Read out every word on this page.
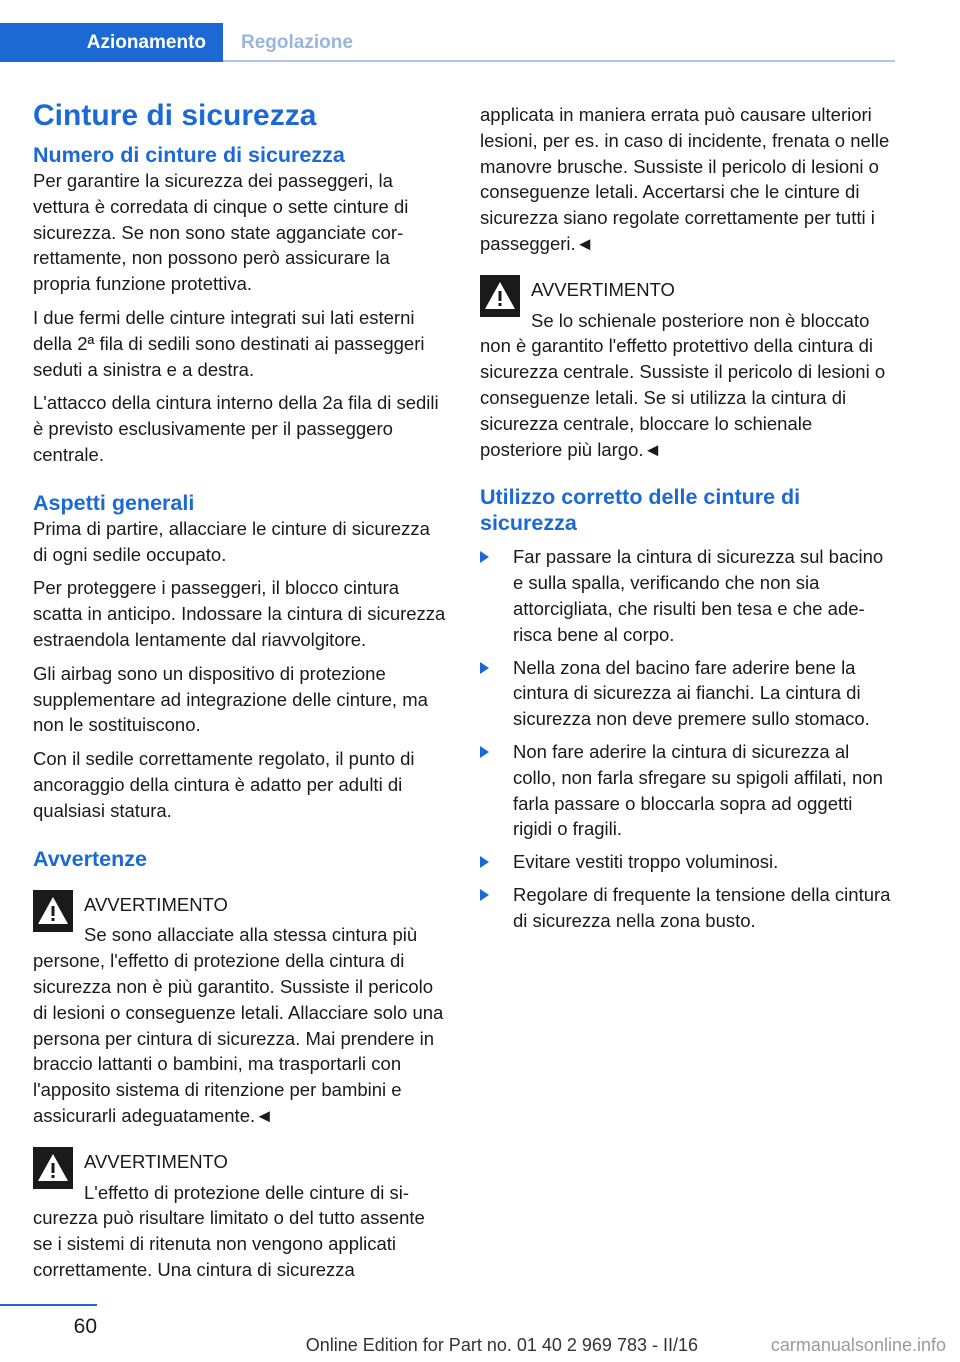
Azionamento	Regolazione
Cinture di sicurezza
Numero di cinture di sicurezza

Per garantire la sicurezza dei passeggeri, la vettura è corredata di cinque o sette cinture di sicurezza. Se non sono state agganciate correttamente, non possono però assicurare la propria funzione protettiva.

I due fermi delle cinture integrati sui lati esterni della 2ª fila di sedili sono destinati ai passeggeri seduti a sinistra e a destra.

L'attacco della cintura interno della 2a fila di sedili è previsto esclusivamente per il passeggero centrale.

Aspetti generali

Prima di partire, allacciare le cinture di sicurezza di ogni sedile occupato.

Per proteggere i passeggeri, il blocco cintura scatta in anticipo. Indossare la cintura di sicurezza estraendola lentamente dal riavvolgitore.

Gli airbag sono un dispositivo di protezione supplementare ad integrazione delle cinture, ma non le sostituiscono.

Con il sedile correttamente regolato, il punto di ancoraggio della cintura è adatto per adulti di qualsiasi statura.

Avvertenze
AVVERTIMENTO
Se sono allacciate alla stessa cintura più persone, l'effetto di protezione della cintura di sicurezza non è più garantito. Sussiste il pericolo di lesioni o conseguenze letali. Allacciare solo una persona per cintura di sicurezza. Mai prendere in braccio lattanti o bambini, ma trasportarli con l'apposito sistema di ritenzione per bambini e assicurarli adeguatamente.◄
AVVERTIMENTO
L'effetto di protezione delle cinture di sicurezza può risultare limitato o del tutto assente se i sistemi di ritenuta non vengono applicati correttamente. Una cintura di sicurezza

applicata in maniera errata può causare ulteriori lesioni, per es. in caso di incidente, frenata o nelle manovre brusche. Sussiste il pericolo di lesioni o conseguenze letali. Accertarsi che le cinture di sicurezza siano regolate correttamente per tutti i passeggeri.◄

AVVERTIMENTO
Se lo schienale posteriore non è bloccato non è garantito l'effetto protettivo della cintura di sicurezza centrale. Sussiste il pericolo di lesioni o conseguenze letali. Se si utilizza la cintura di sicurezza centrale, bloccare lo schienale posteriore più largo.◄
Utilizzo corretto delle cinture di sicurezza
Far passare la cintura di sicurezza sul bacino e sulla spalla, verificando che non sia attorcigliata, che risulti ben tesa e che aderisca bene al corpo.
Nella zona del bacino fare aderire bene la cintura di sicurezza ai fianchi. La cintura di sicurezza non deve premere sullo stomaco.
Non fare aderire la cintura di sicurezza al collo, non farla sfregare su spigoli affilati, non farla passare o bloccarla sopra ad oggetti rigidi o fragili.
Evitare vestiti troppo voluminosi.
Regolare di frequente la tensione della cintura di sicurezza nella zona busto.
60
Online Edition for Part no. 01 40 2 969 783 - II/16	carmanualsonline.info
